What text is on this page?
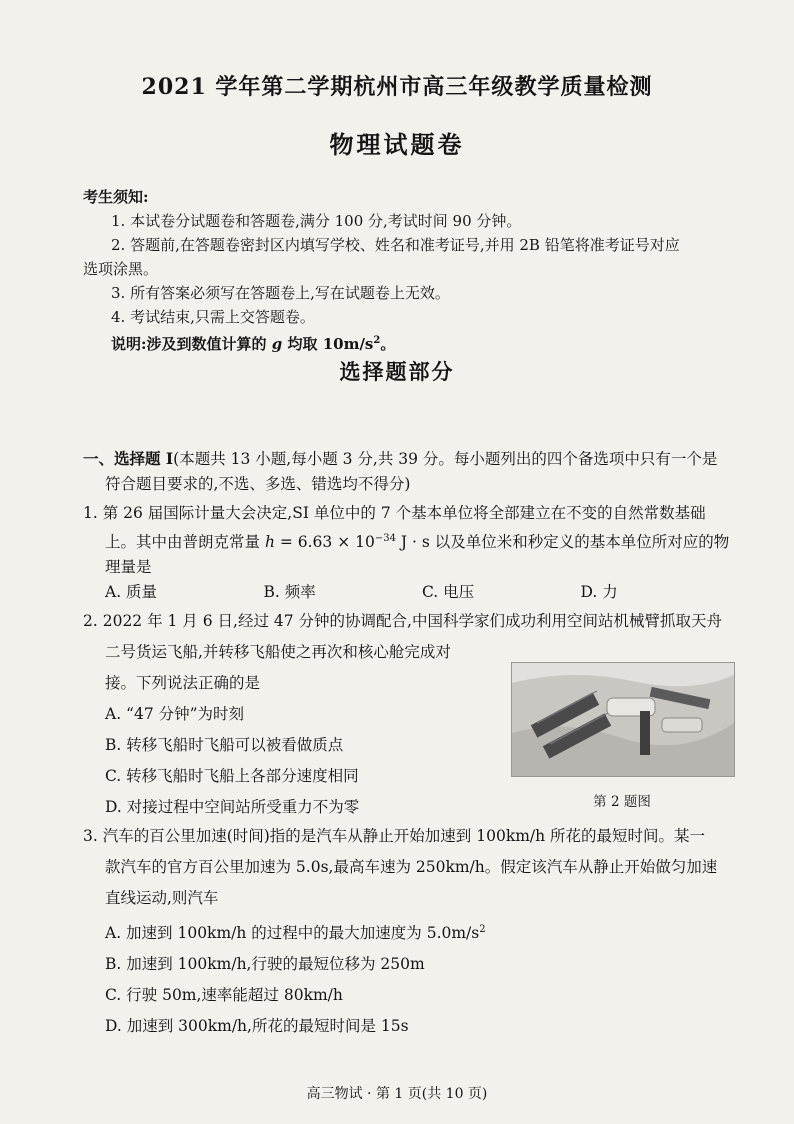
2021 学年第二学期杭州市高三年级教学质量检测
物理试题卷
考生须知:
1. 本试卷分试题卷和答题卷,满分 100 分,考试时间 90 分钟。
2. 答题前,在答题卷密封区内填写学校、姓名和准考证号,并用 2B 铅笔将准考证号对应
选项涂黑。
3. 所有答案必须写在答题卷上,写在试题卷上无效。
4. 考试结束,只需上交答题卷。
说明:涉及到数值计算的 g 均取 $10m/s^2$。
选择题部分

一、选择题 Ⅰ(本题共 13 小题,每小题 3 分,共 39 分。每小题列出的四个备选项中只有一个是

符合题目要求的,不选、多选、错选均不得分)

1. 第 26 届国际计量大会决定,SI 单位中的 7 个基本单位将全部建立在不变的自然常数基础

上。其中由普朗克常量 $h = 6.63 \times 10^{-34}$ J · s 以及单位米和秒定义的基本单位所对应的物

理量是

A. 质量	B. 频率	C. 电压	D. 力

2. 2022 年 1 月 6 日,经过 47 分钟的协调配合,中国科学家们成功利用空间站机械臂抓取天舟

二号货运飞船,并转移飞船使之再次和核心舱完成对

接。下列说法正确的是

A. “47 分钟”为时刻

B. 转移飞船时飞船可以被看做质点

C. 转移飞船时飞船上各部分速度相同

D. 对接过程中空间站所受重力不为零

3. 汽车的百公里加速(时间)指的是汽车从静止开始加速到 100km/h 所花的最短时间。某一

款汽车的官方百公里加速为 5.0s,最高车速为 250km/h。假定该汽车从静止开始做匀加速

直线运动,则汽车

A. 加速到 100km/h 的过程中的最大加速度为 $5.0m/s^2$

B. 加速到 100km/h,行驶的最短位移为 250m

C. 行驶 50m,速率能超过 80km/h

D. 加速到 300km/h,所花的最短时间是 15s

第 2 题图
高三物试 · 第 1 页(共 10 页)
